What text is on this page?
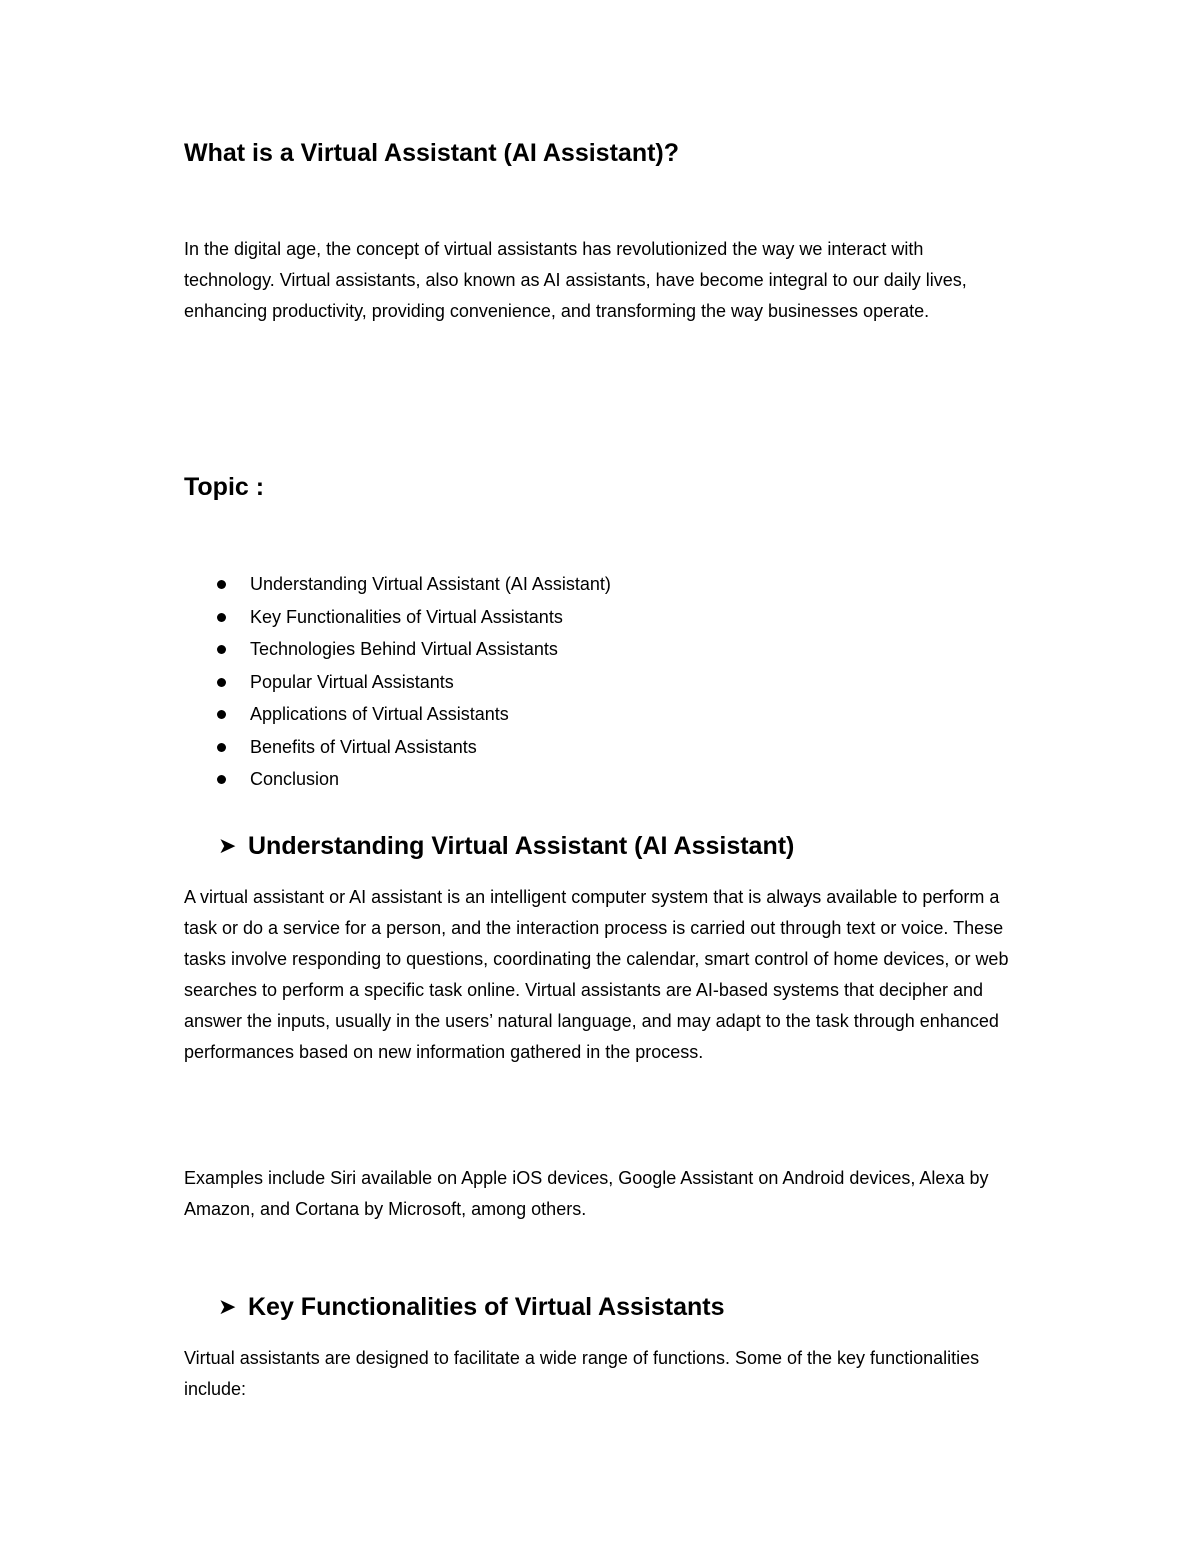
What is a Virtual Assistant (AI Assistant)?

In the digital age, the concept of virtual assistants has revolutionized the way we interact with technology. Virtual assistants, also known as AI assistants, have become integral to our daily lives, enhancing productivity, providing convenience, and transforming the way businesses operate.

Topic :
Understanding Virtual Assistant (AI Assistant)
Key Functionalities of Virtual Assistants
Technologies Behind Virtual Assistants
Popular Virtual Assistants
Applications of Virtual Assistants
Benefits of Virtual Assistants
Conclusion
➤ Understanding Virtual Assistant (AI Assistant)

A virtual assistant or AI assistant is an intelligent computer system that is always available to perform a task or do a service for a person, and the interaction process is carried out through text or voice. These tasks involve responding to questions, coordinating the calendar, smart control of home devices, or web searches to perform a specific task online. Virtual assistants are AI-based systems that decipher and answer the inputs, usually in the users’ natural language, and may adapt to the task through enhanced performances based on new information gathered in the process.

Examples include Siri available on Apple iOS devices, Google Assistant on Android devices, Alexa by Amazon, and Cortana by Microsoft, among others.

➤ Key Functionalities of Virtual Assistants

Virtual assistants are designed to facilitate a wide range of functions. Some of the key functionalities include:
